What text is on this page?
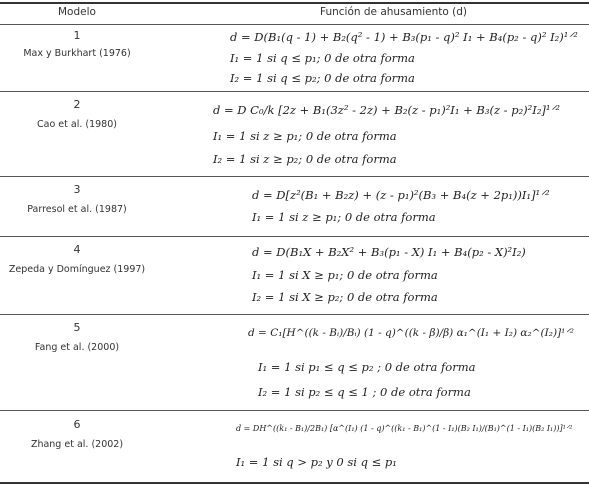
Modelo	Función de ahusamiento (d)
1
Max y Burkhart (1976)
d = D(B₁(q - 1) + B₂(q² - 1) + B₃(p₁ - q)² I₁ + B₄(p₂ - q)² I₂)¹ᐟ²
I₁ = 1 si q ≤ p₁; 0 de otra forma
I₂ = 1 si q ≤ p₂; 0 de otra forma
2
Cao et al. (1980)
d = D C₀/k [2z + B₁(3z² - 2z) + B₂(z - p₁)²I₁ + B₃(z - p₂)²I₂]¹ᐟ²
I₁ = 1 si z ≥ p₁; 0 de otra forma
I₂ = 1 si z ≥ p₂; 0 de otra forma
3
Parresol et al. (1987)
d = D[z²(B₁ + B₂z) + (z - p₁)²(B₃ + B₄(z + 2p₁))I₁]¹ᐟ²
I₁ = 1 si z ≥ p₁; 0 de otra forma
4
Zepeda y Domínguez (1997)
d = D(B₁X + B₂X² + B₃(p₁ - X) I₁ + B₄(p₂ - X)²I₂)
I₁ = 1 si X ≥ p₁; 0 de otra forma
I₂ = 1 si X ≥ p₂; 0 de otra forma
5
Fang et al. (2000)
d = C₁[H^((k - Bᵢ)/Bᵢ) (1 - q)^((k - β)/β) α₁^(I₁ + I₂) α₂^(I₂)]¹ᐟ²
I₁ = 1 si p₁ ≤ q ≤ p₂ ; 0 de otra forma
I₂ = 1 si p₂ ≤ q ≤ 1 ; 0 de otra forma
6
Zhang et al. (2002)
d = DH^((k₁ - B₁)/2B₁) [α^(I₁) (1 - q)^((k₁ - B₁)^(1 - I₁)(B₂ I₁)/(B₁)^(1 - I₁)(B₂ I₁))]¹ᐟ²
I₁ = 1 si q > p₂ y 0 si q ≤ p₁
